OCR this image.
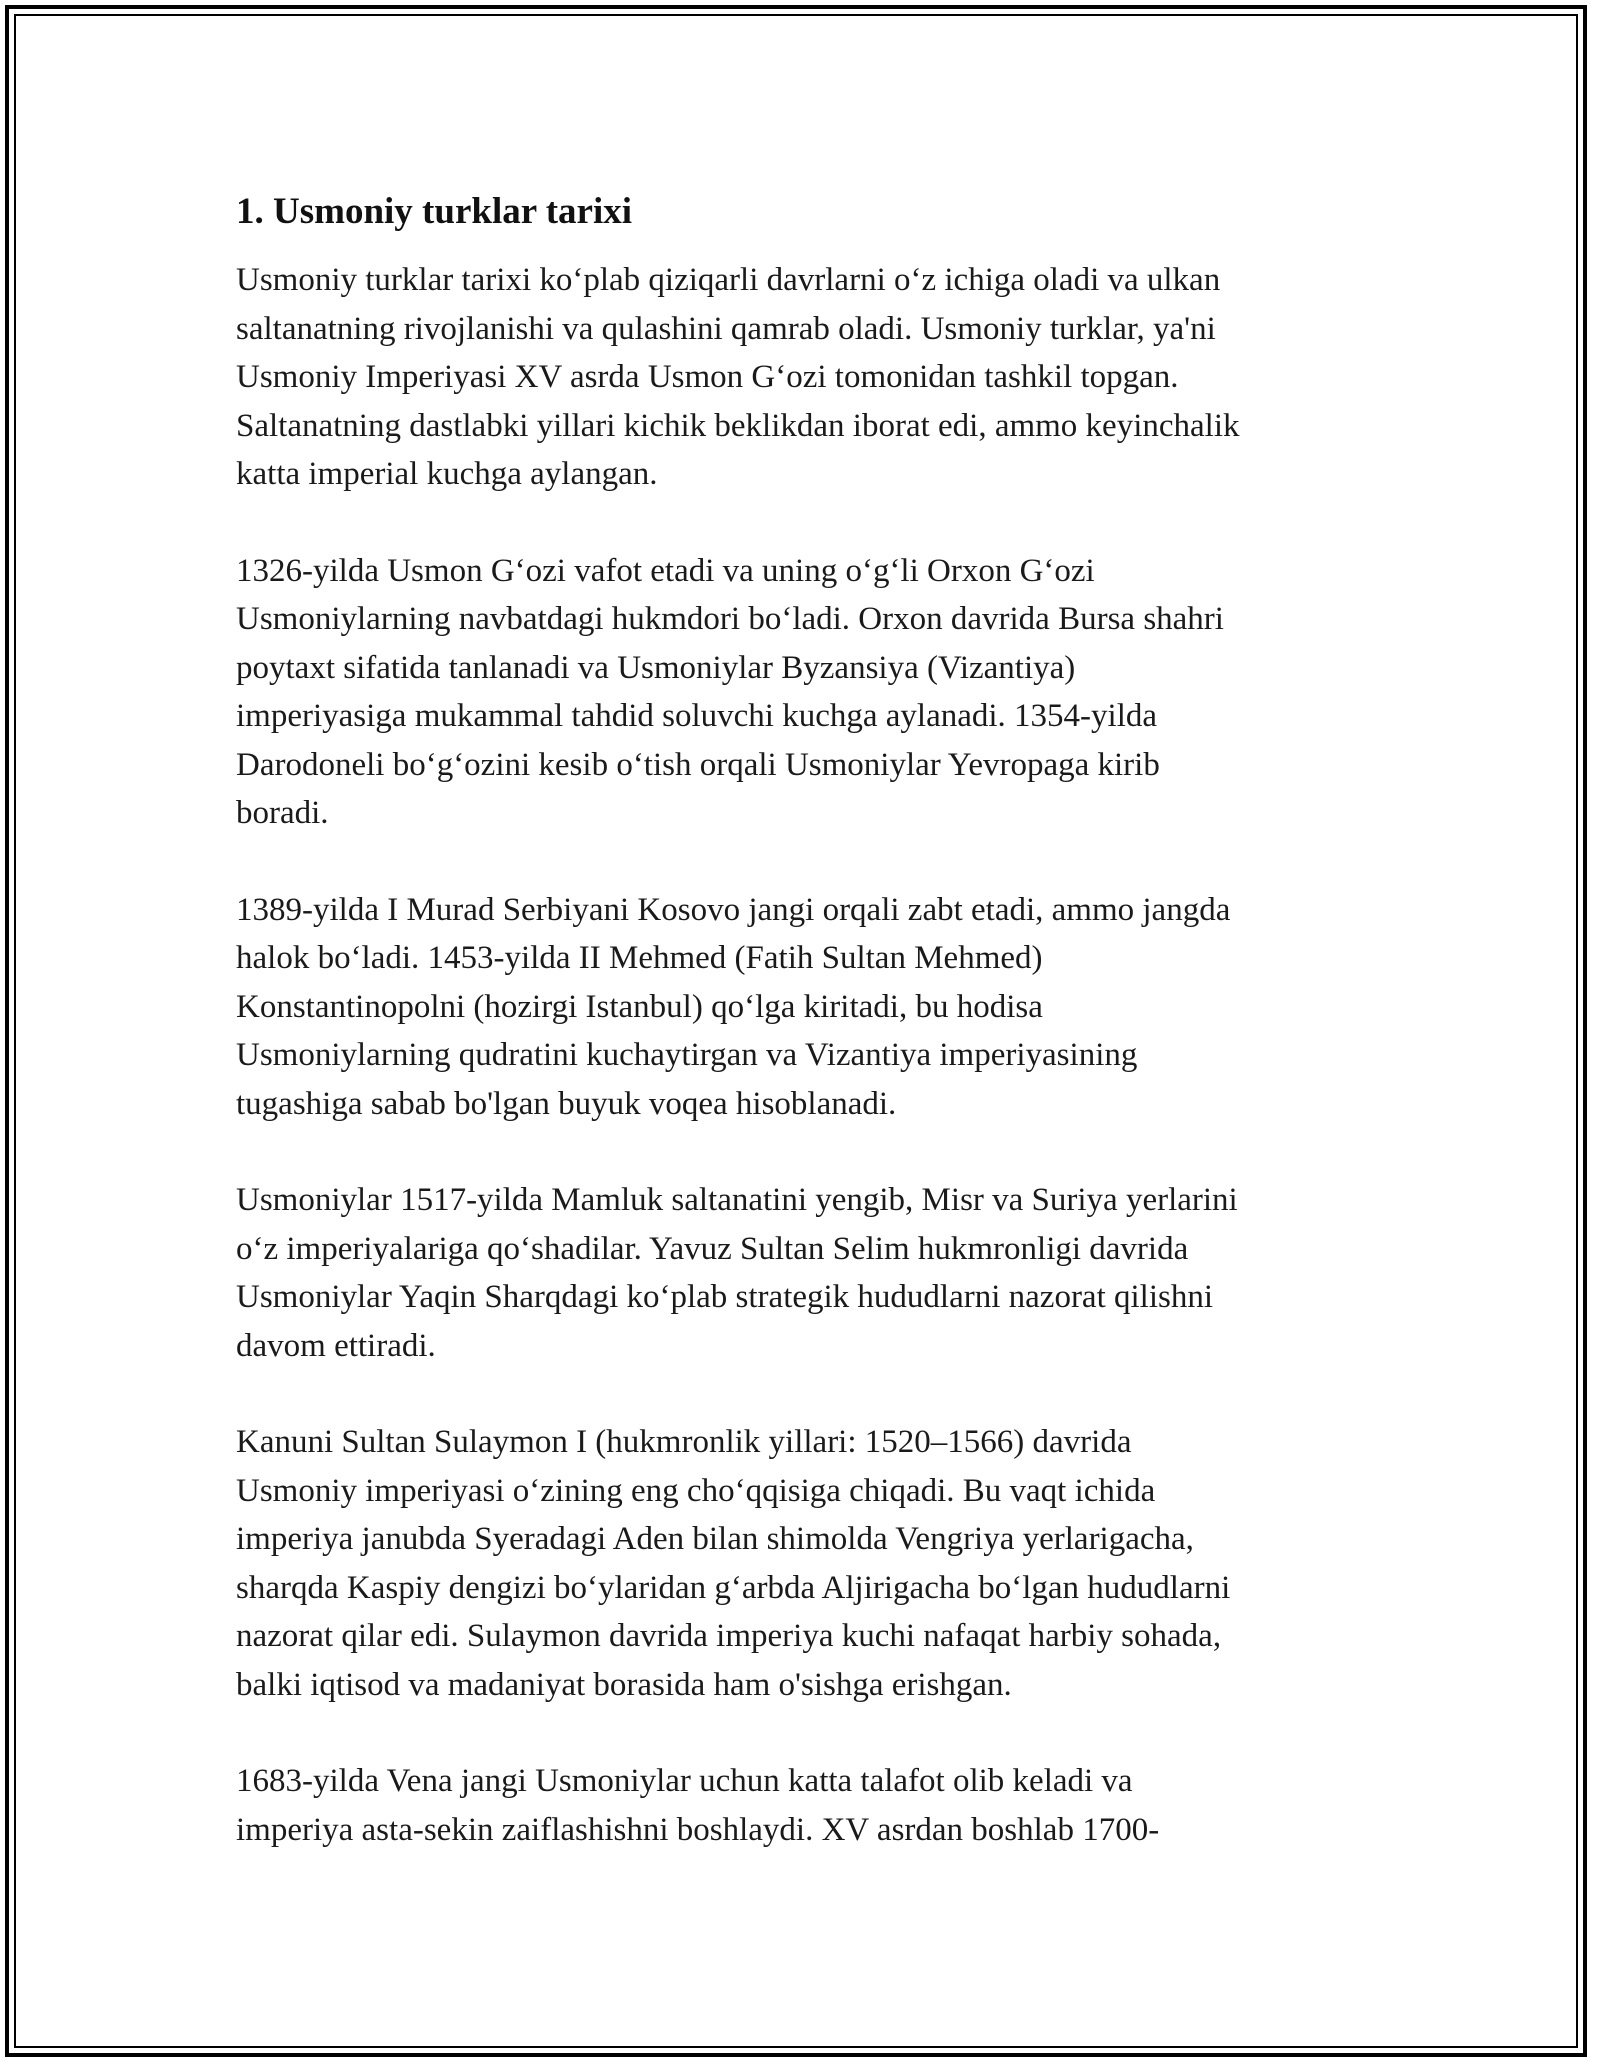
1. Usmoniy turklar tarixi

Usmoniy turklar tarixi ko‘plab qiziqarli davrlarni o‘z ichiga oladi va ulkan
saltanatning rivojlanishi va qulashini qamrab oladi. Usmoniy turklar, ya'ni
Usmoniy Imperiyasi XV asrda Usmon G‘ozi tomonidan tashkil topgan.
Saltanatning dastlabki yillari kichik beklikdan iborat edi, ammo keyinchalik
katta imperial kuchga aylangan.

1326-yilda Usmon G‘ozi vafot etadi va uning o‘g‘li Orxon G‘ozi
Usmoniylarning navbatdagi hukmdori bo‘ladi. Orxon davrida Bursa shahri
poytaxt sifatida tanlanadi va Usmoniylar Byzansiya (Vizantiya)
imperiyasiga mukammal tahdid soluvchi kuchga aylanadi. 1354-yilda
Darodoneli bo‘g‘ozini kesib o‘tish orqali Usmoniylar Yevropaga kirib
boradi.

1389-yilda I Murad Serbiyani Kosovo jangi orqali zabt etadi, ammo jangda
halok bo‘ladi. 1453-yilda II Mehmed (Fatih Sultan Mehmed)
Konstantinopolni (hozirgi Istanbul) qo‘lga kiritadi, bu hodisa
Usmoniylarning qudratini kuchaytirgan va Vizantiya imperiyasining
tugashiga sabab bo'lgan buyuk voqea hisoblanadi.

Usmoniylar 1517-yilda Mamluk saltanatini yengib, Misr va Suriya yerlarini
o‘z imperiyalariga qo‘shadilar. Yavuz Sultan Selim hukmronligi davrida
Usmoniylar Yaqin Sharqdagi ko‘plab strategik hududlarni nazorat qilishni
davom ettiradi.

Kanuni Sultan Sulaymon I (hukmronlik yillari: 1520–1566) davrida
Usmoniy imperiyasi o‘zining eng cho‘qqisiga chiqadi. Bu vaqt ichida
imperiya janubda Syeradagi Aden bilan shimolda Vengriya yerlarigacha,
sharqda Kaspiy dengizi bo‘ylaridan g‘arbda Aljirigacha bo‘lgan hududlarni
nazorat qilar edi. Sulaymon davrida imperiya kuchi nafaqat harbiy sohada,
balki iqtisod va madaniyat borasida ham o'sishga erishgan.

1683-yilda Vena jangi Usmoniylar uchun katta talafot olib keladi va
imperiya asta-sekin zaiflashishni boshlaydi. XV asrdan boshlab 1700-
